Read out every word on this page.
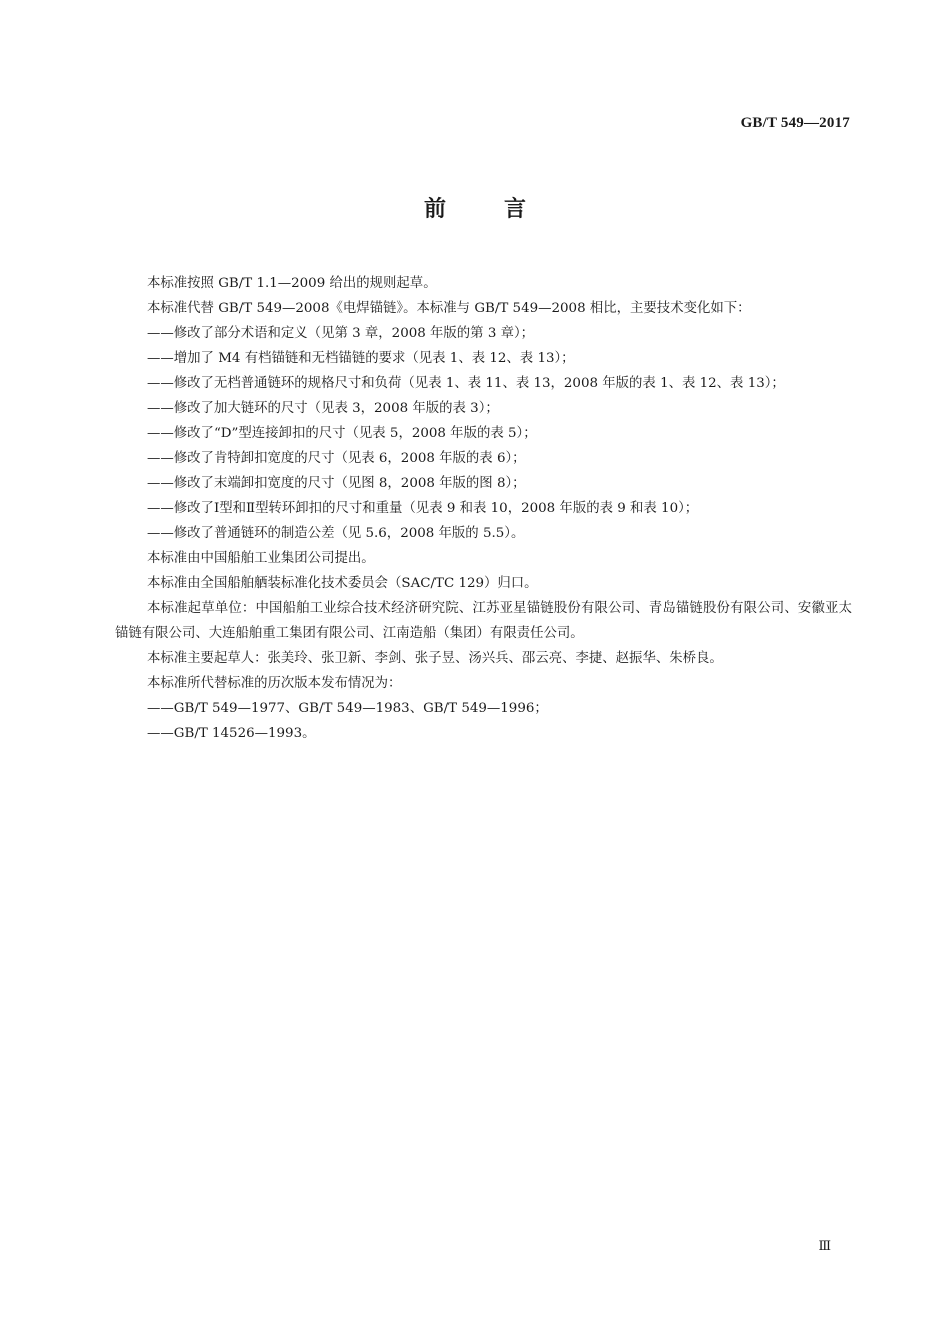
GB/T 549—2017
前言
本标准按照 GB/T 1.1—2009 给出的规则起草。
本标准代替 GB/T 549—2008《电焊锚链》。本标准与 GB/T 549—2008 相比，主要技术变化如下：
——修改了部分术语和定义（见第 3 章，2008 年版的第 3 章）；
——增加了 M4 有档锚链和无档锚链的要求（见表 1、表 12、表 13）；
——修改了无档普通链环的规格尺寸和负荷（见表 1、表 11、表 13，2008 年版的表 1、表 12、表 13）；
——修改了加大链环的尺寸（见表 3，2008 年版的表 3）；
——修改了“D”型连接卸扣的尺寸（见表 5，2008 年版的表 5）；
——修改了肯特卸扣宽度的尺寸（见表 6，2008 年版的表 6）；
——修改了末端卸扣宽度的尺寸（见图 8，2008 年版的图 8）；
——修改了Ⅰ型和Ⅱ型转环卸扣的尺寸和重量（见表 9 和表 10，2008 年版的表 9 和表 10）；
——修改了普通链环的制造公差（见 5.6，2008 年版的 5.5）。
本标准由中国船舶工业集团公司提出。
本标准由全国船舶舾装标准化技术委员会（SAC/TC 129）归口。
本标准起草单位：中国船舶工业综合技术经济研究院、江苏亚星锚链股份有限公司、青岛锚链股份有限公司、安徽亚太锚链有限公司、大连船舶重工集团有限公司、江南造船（集团）有限责任公司。
本标准主要起草人：张美玲、张卫新、李剑、张子昱、汤兴兵、邵云亮、李捷、赵振华、朱桥良。
本标准所代替标准的历次版本发布情况为：
——GB/T 549—1977、GB/T 549—1983、GB/T 549—1996；
——GB/T 14526—1993。
Ⅲ
